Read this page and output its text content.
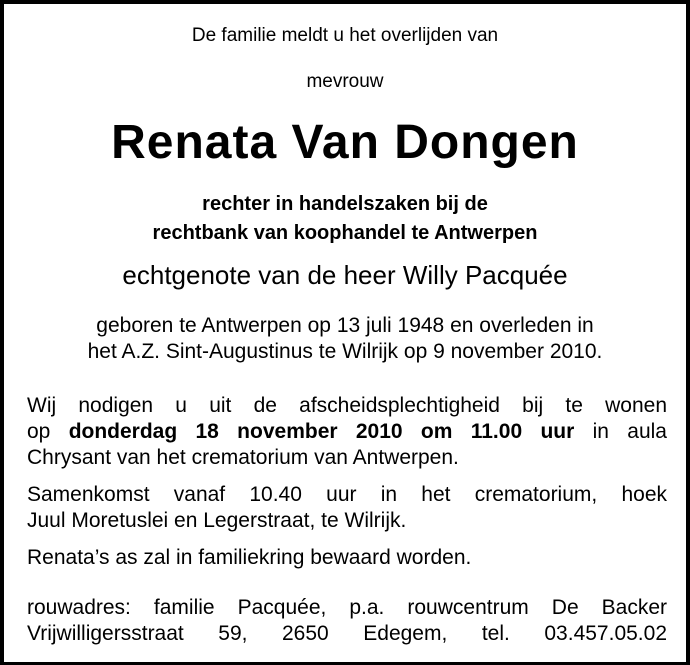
De familie meldt u het overlijden van
mevrouw
Renata Van Dongen
rechter in handelszaken bij de
rechtbank van koophandel te Antwerpen
echtgenote van de heer Willy Pacquée
geboren te Antwerpen op 13 juli 1948 en overleden in
het A.Z. Sint-Augustinus te Wilrijk op 9 november 2010.
Wij nodigen u uit de afscheidsplechtigheid bij te wonen
op donderdag 18 november 2010 om 11.00 uur in aula
Chrysant van het crematorium van Antwerpen.
Samenkomst vanaf 10.40 uur in het crematorium, hoek
Juul Moretuslei en Legerstraat, te Wilrijk.
Renata’s as zal in familiekring bewaard worden.
rouwadres: familie Pacquée, p.a. rouwcentrum De Backer
Vrijwilligersstraat 59, 2650 Edegem, tel. 03.457.05.02
